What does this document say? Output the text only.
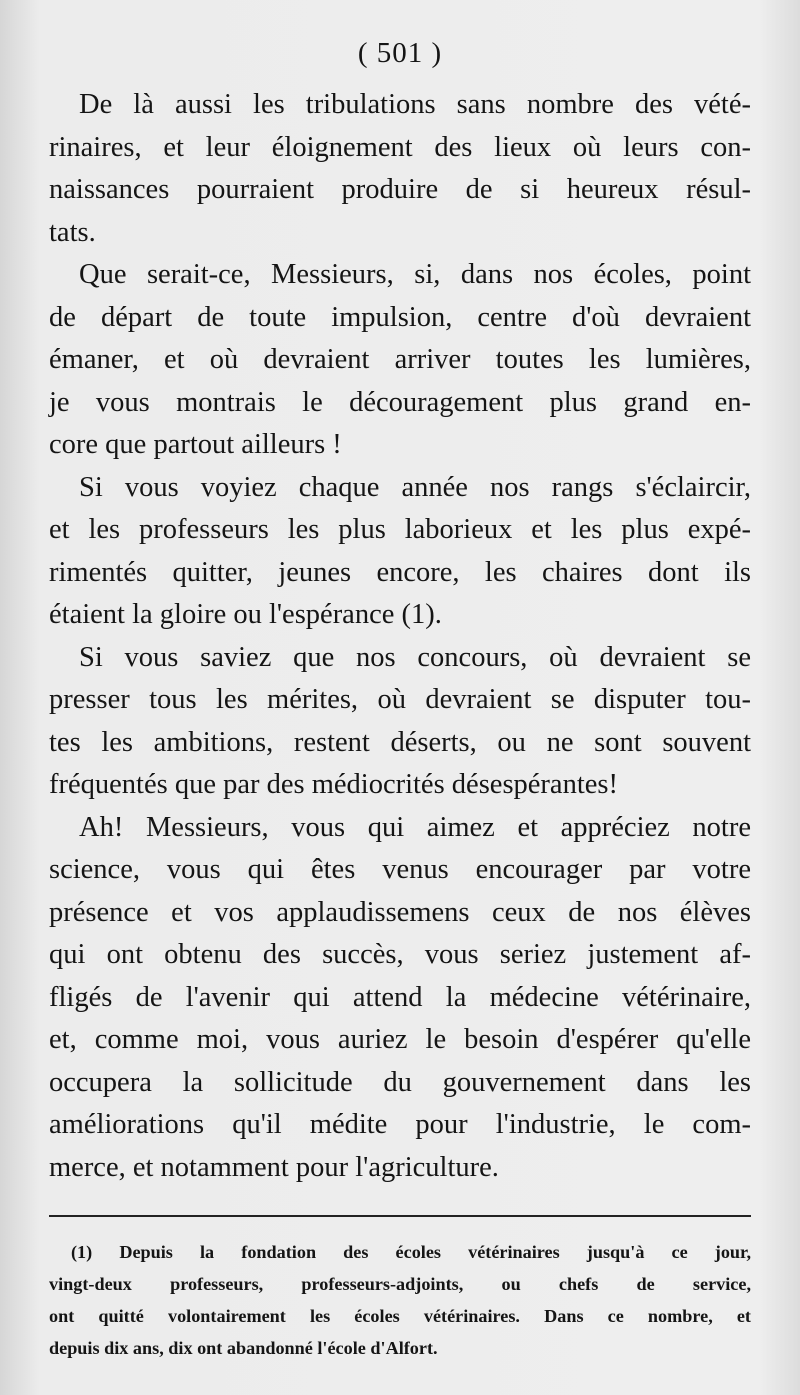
( 501 )
De là aussi les tribulations sans nombre des vété-
rinaires, et leur éloignement des lieux où leurs con-
naissances pourraient produire de si heureux résul-
tats.
Que serait-ce, Messieurs, si, dans nos écoles, point
de départ de toute impulsion, centre d'où devraient
émaner, et où devraient arriver toutes les lumières,
je vous montrais le découragement plus grand en-
core que partout ailleurs !
Si vous voyiez chaque année nos rangs s'éclaircir,
et les professeurs les plus laborieux et les plus expé-
rimentés quitter, jeunes encore, les chaires dont ils
étaient la gloire ou l'espérance (1).
Si vous saviez que nos concours, où devraient se
presser tous les mérites, où devraient se disputer tou-
tes les ambitions, restent déserts, ou ne sont souvent
fréquentés que par des médiocrités désespérantes!
Ah! Messieurs, vous qui aimez et appréciez notre
science, vous qui êtes venus encourager par votre
présence et vos applaudissemens ceux de nos élèves
qui ont obtenu des succès, vous seriez justement af-
fligés de l'avenir qui attend la médecine vétérinaire,
et, comme moi, vous auriez le besoin d'espérer qu'elle
occupera la sollicitude du gouvernement dans les
améliorations qu'il médite pour l'industrie, le com-
merce, et notamment pour l'agriculture.
(1) Depuis la fondation des écoles vétérinaires jusqu'à ce jour,
vingt-deux professeurs, professeurs-adjoints, ou chefs de service,
ont quitté volontairement les écoles vétérinaires. Dans ce nombre, et
depuis dix ans, dix ont abandonné l'école d'Alfort.
